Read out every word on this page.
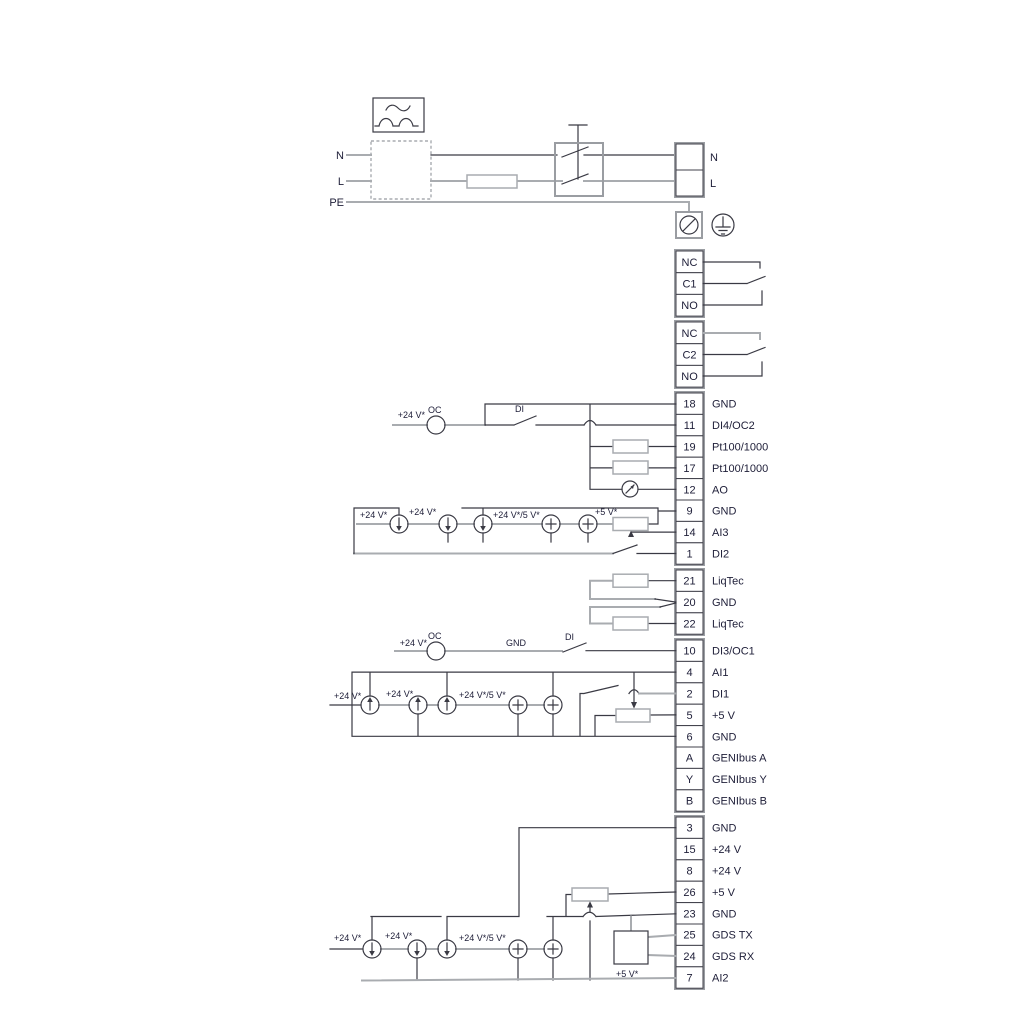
N
L
PE
N
L
NC
C1
NO
NC
C2
NO
18 GND
11 DI4/OC2
19 Pt100/1000
17 Pt100/1000
12 AO
9 GND
14 AI3
1 DI2
+24 V* OC	DI
+24 V* +24 V*	+24 V*/5 V*	+5 V*
21 LiqTec
20 GND
22 LiqTec
10 DI3/OC1
4 AI1
2 DI1
5 +5 V
6 GND
A GENIbus A
Y GENIbus Y
B GENIbus B
+24 V*
OC
GND
DI
+24 V*	+24 V*	+24 V*/5 V*
3 GND
15 +24 V
8 +24 V
26 +5 V
23 GND
25 GDS TX
24 GDS RX
7 AI2
+24 V*	+24 V*	+24 V*/5 V*
+5 V*
